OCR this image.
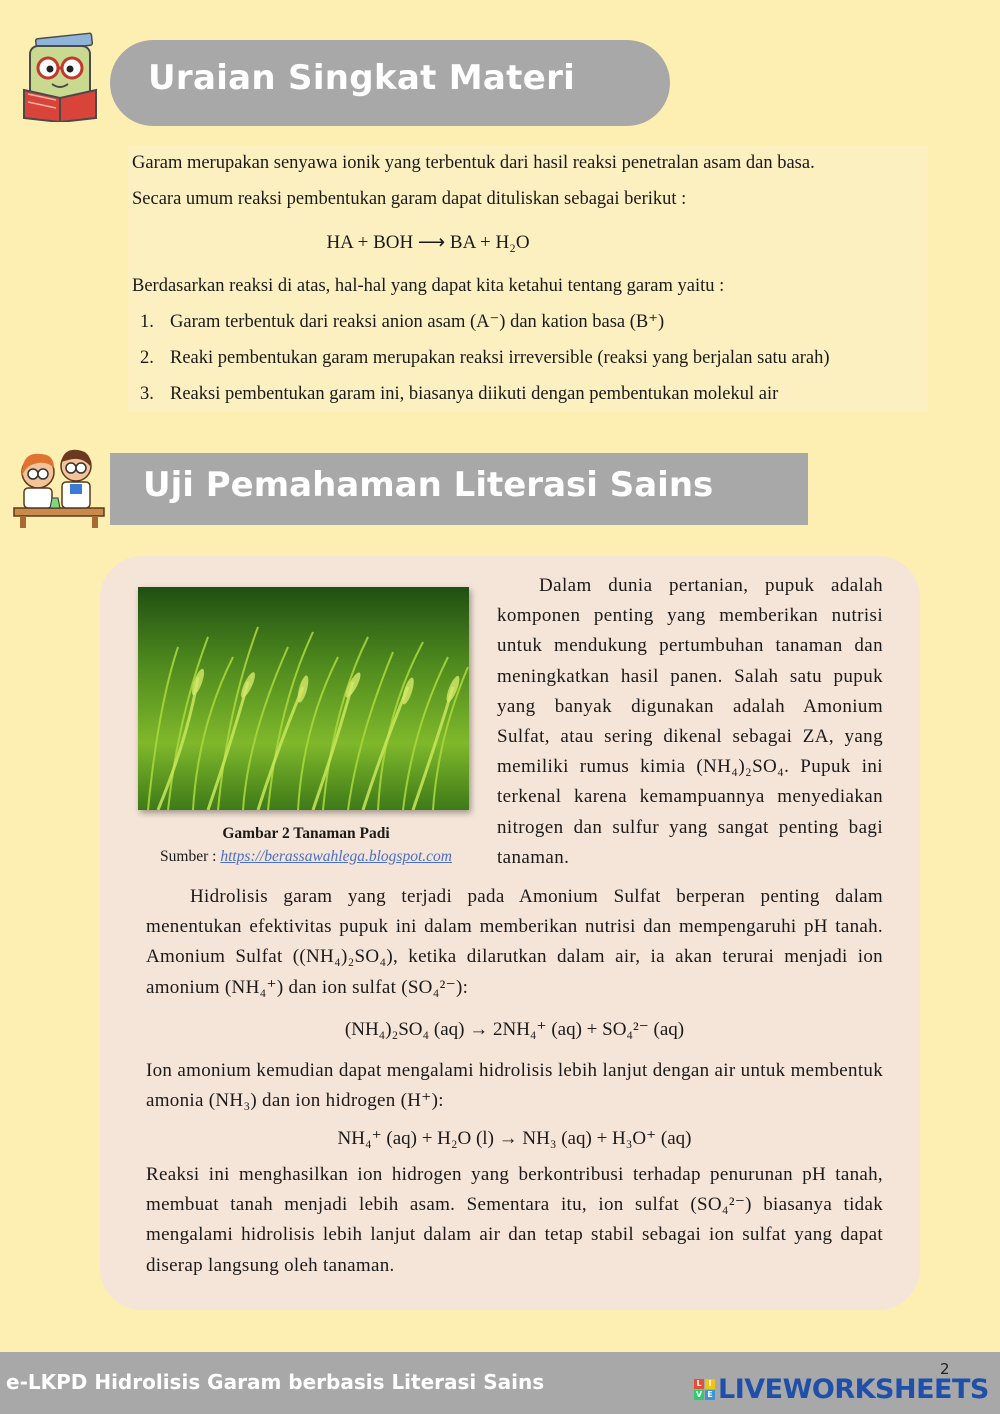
Uraian Singkat Materi

Garam merupakan senyawa ionik yang terbentuk dari hasil reaksi penetralan asam dan basa.

Secara umum reaksi pembentukan garam dapat dituliskan sebagai berikut :

HA + BOH ⟶ BA + H₂O

Berdasarkan reaksi di atas, hal-hal yang dapat kita ketahui tentang garam yaitu :

1. Garam terbentuk dari reaksi anion asam (A⁻) dan kation basa (B⁺)
2. Reaki pembentukan garam merupakan reaksi irreversible (reaksi yang berjalan satu arah)
3. Reaksi pembentukan garam ini, biasanya diikuti dengan pembentukan molekul air
Uji Pemahaman Literasi Sains
Gambar 2 Tanaman Padi
Sumber : https://berassawahlega.blogspot.com
Dalam dunia pertanian, pupuk adalah komponen penting yang memberikan nutrisi untuk mendukung pertumbuhan tanaman dan meningkatkan hasil panen. Salah satu pupuk yang banyak digunakan adalah Amonium Sulfat, atau sering dikenal sebagai ZA, yang memiliki rumus kimia (NH₄)₂SO₄. Pupuk ini terkenal karena kemampuannya menyediakan nitrogen dan sulfur yang sangat penting bagi tanaman.
Hidrolisis garam yang terjadi pada Amonium Sulfat berperan penting dalam menentukan efektivitas pupuk ini dalam memberikan nutrisi dan mempengaruhi pH tanah. Amonium Sulfat ((NH₄)₂SO₄), ketika dilarutkan dalam air, ia akan terurai menjadi ion amonium (NH₄⁺) dan ion sulfat (SO₄²⁻):
(NH₄)₂SO₄ (aq) → 2NH₄⁺ (aq) + SO₄²⁻ (aq)
Ion amonium kemudian dapat mengalami hidrolisis lebih lanjut dengan air untuk membentuk amonia (NH₃) dan ion hidrogen (H⁺):
NH₄⁺ (aq) + H₂O (l) → NH₃ (aq) + H₃O⁺ (aq)
Reaksi ini menghasilkan ion hidrogen yang berkontribusi terhadap penurunan pH tanah, membuat tanah menjadi lebih asam. Sementara itu, ion sulfat (SO₄²⁻) biasanya tidak mengalami hidrolisis lebih lanjut dalam air dan tetap stabil sebagai ion sulfat yang dapat diserap langsung oleh tanaman.
e-LKPD Hidrolisis Garam berbasis Literasi Sains
2
L I
V E LIVEWORKSHEETS
